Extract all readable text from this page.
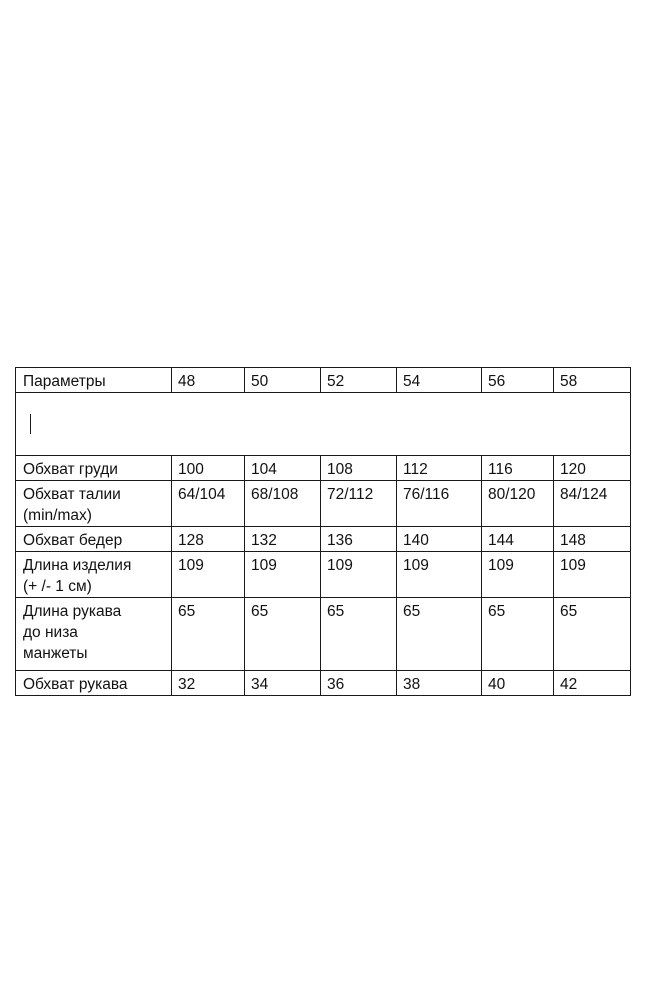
Параметры	48	50	52	54	56	58

Обхват груди	100	104	108	112	116	120
Обхват талии
(min/max)	64/104	68/108	72/112	76/116	80/120	84/124
Обхват бедер	128	132	136	140	144	148
Длина изделия
(+ /- 1 см)	109	109	109	109	109	109
Длина рукава
до низа
манжеты	65	65	65	65	65	65
Обхват рукава	32	34	36	38	40	42
